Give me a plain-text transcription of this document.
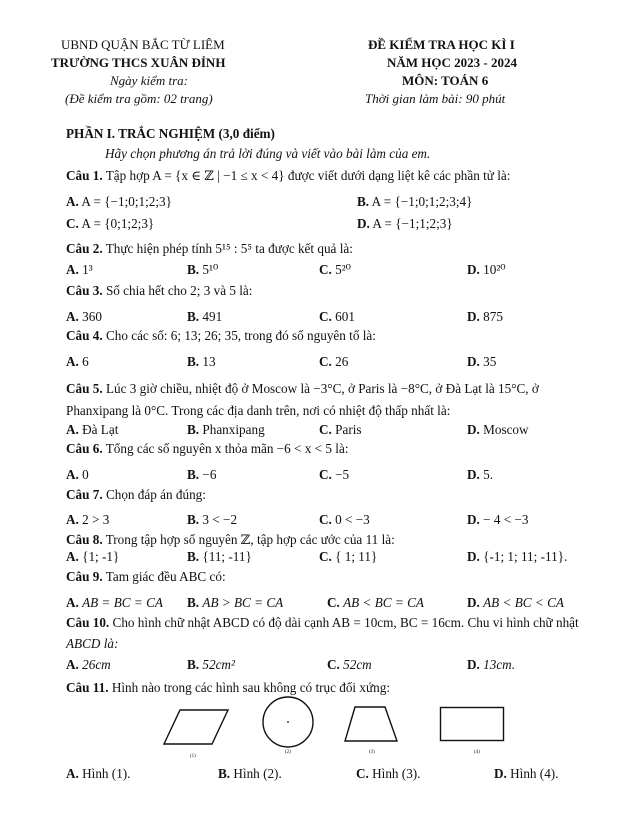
UBND QUẬN BẮC TỪ LIÊM
TRƯỜNG THCS XUÂN ĐỈNH
Ngày kiểm tra:
(Đề kiểm tra gồm: 02 trang)
ĐỀ KIỂM TRA HỌC KÌ I
NĂM HỌC 2023 - 2024
MÔN: TOÁN 6
Thời gian làm bài: 90 phút
PHẦN I. TRẮC NGHIỆM (3,0 điểm)
Hãy chọn phương án trả lời đúng và viết vào bài làm của em.
Câu 1. Tập hợp A = {x ∈ ℤ | −1 ≤ x < 4} được viết dưới dạng liệt kê các phần tử là:
A. A = {−1;0;1;2;3}	B. A = {−1;0;1;2;3;4}
C. A = {0;1;2;3}	D. A = {−1;1;2;3}
Câu 2. Thực hiện phép tính 5¹⁵ : 5⁵ ta được kết quả là:
A. 1³	B. 5¹⁰	C. 5²⁰	D. 10²⁰
Câu 3. Số chia hết cho 2; 3 và 5 là:
A. 360	B. 491	C. 601	D. 875
Câu 4. Cho các số: 6; 13; 26; 35, trong đó số nguyên tố là:
A. 6	B. 13	C. 26	D. 35
Câu 5. Lúc 3 giờ chiều, nhiệt độ ở Moscow là −3°C, ở Paris là −8°C, ở Đà Lạt là 15°C, ở
Phanxipang là 0°C. Trong các địa danh trên, nơi có nhiệt độ thấp nhất là:
A. Đà Lạt	B. Phanxipang	C. Paris	D. Moscow
Câu 6. Tổng các số nguyên x thỏa mãn −6 < x < 5 là:
A. 0	B. −6	C. −5	D. 5.
Câu 7. Chọn đáp án đúng:
A. 2 > 3	B. 3 < −2	C. 0 < −3	D. − 4 < −3
Câu 8. Trong tập hợp số nguyên ℤ, tập hợp các ước của 11 là:
A. {1; -1}	B. {11; -11}	C. { 1; 11}	D. {-1; 1; 11; -11}.
Câu 9. Tam giác đều ABC có:
A. AB = BC = CA B. AB > BC = CA	C. AB < BC = CA	D. AB < BC < CA
Câu 10. Cho hình chữ nhật ABCD có độ dài cạnh AB = 10cm, BC = 16cm. Chu vi hình chữ nhật
ABCD là:
A. 26cm	B. 52cm²	C. 52cm	D. 13cm.
Câu 11. Hình nào trong các hình sau không có trục đối xứng:
(1)
(2)	(3)	(4)
A. Hình (1).	B. Hình (2).	C. Hình (3).	D. Hình (4).
